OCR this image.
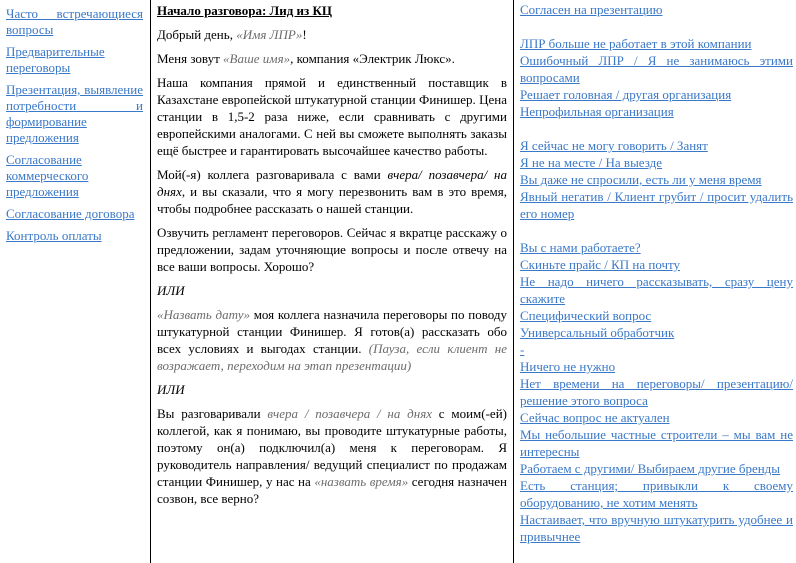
Часто встречающиеся вопросы
Предварительные переговоры
Презентация, выявление потребности и формирование предложения
Согласование коммерческого предложения
Согласование договора
Контроль оплаты

Начало разговора: Лид из КЦ

Добрый день, «Имя ЛПР»!

Меня зовут «Ваше имя», компания «Электрик Люкс».

Наша компания прямой и единственный поставщик в Казахстане европейской штукатурной станции Финишер. Цена станции в 1,5-2 раза ниже, если сравнивать с другими европейскими аналогами. С ней вы сможете выполнять заказы ещё быстрее и гарантировать высочайшее качество работы.

Мой(-я) коллега разговаривала с вами вчера/ позавчера/ на днях, и вы сказали, что я могу перезвонить вам в это время, чтобы подробнее рассказать о нашей станции.

Озвучить регламент переговоров. Сейчас я вкратце расскажу о предложении, задам уточняющие вопросы и после отвечу на все ваши вопросы. Хорошо?

ИЛИ

«Назвать дату» моя коллега назначила переговоры по поводу штукатурной станции Финишер. Я готов(а) рассказать обо всех условиях и выгодах станции. (Пауза, если клиент не возражает, переходим на этап презентации)

ИЛИ

Вы разговаривали вчера / позавчера / на днях с моим(-ей) коллегой, как я понимаю, вы проводите штукатурные работы, поэтому он(а) подключил(а) меня к переговорам. Я руководитель направления/ ведущий специалист по продажам станции Финишер, у нас на «назвать время» сегодня назначен созвон, все верно?

Согласен на презентацию
ЛПР больше не работает в этой компании
Ошибочный ЛПР / Я не занимаюсь этими вопросами
Решает головная / другая организация
Непрофильная организация
Я сейчас не могу говорить / Занят
Я не на месте / На выезде
Вы даже не спросили, есть ли у меня время
Явный негатив / Клиент грубит / просит удалить его номер
Вы с нами работаете?
Скиньте прайс / КП на почту
Не надо ничего рассказывать, сразу цену скажите
Специфический вопрос
Универсальный обработчик
-
Ничего не нужно
Нет времени на переговоры/ презентацию/ решение этого вопроса
Сейчас вопрос не актуален
Мы небольшие частные строители – мы вам не интересны
Работаем с другими/ Выбираем другие бренды
Есть станция; привыкли к своему оборудованию, не хотим менять
Настаивает, что вручную штукатурить удобнее и привычнее
